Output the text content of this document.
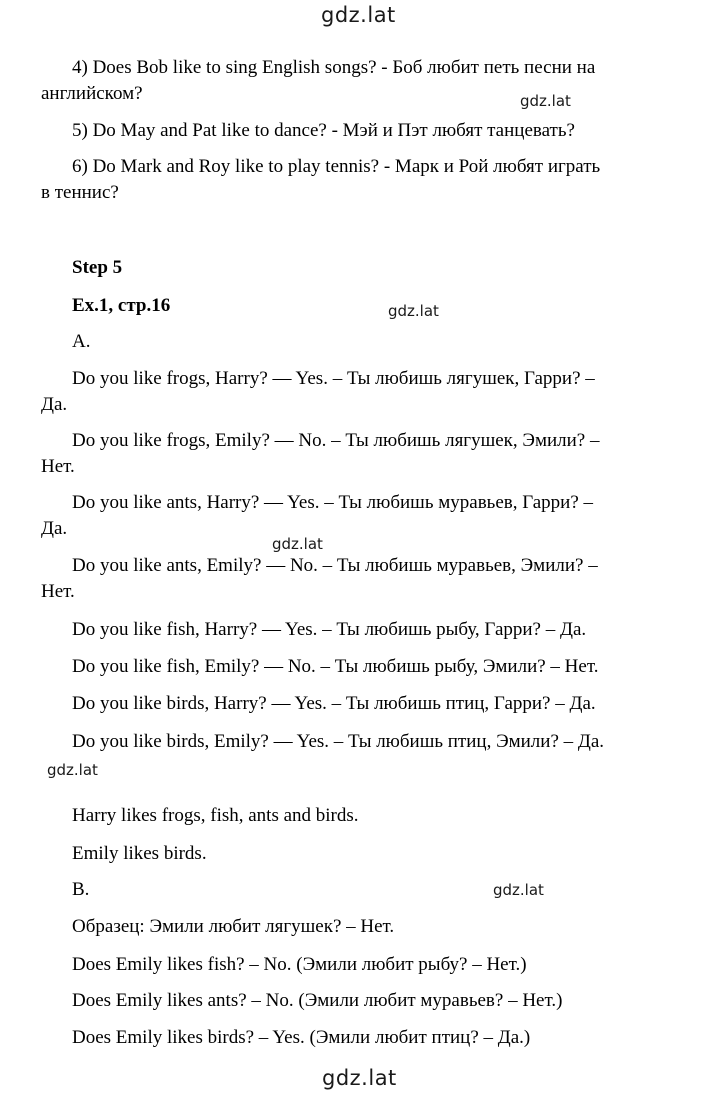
gdz.lat
gdz.lat
gdz.lat
gdz.lat
gdz.lat
gdz.lat
gdz.lat
4) Does Bob like to sing English songs? - Боб любит петь песни на
английском?
5) Do May and Pat like to dance? - Мэй и Пэт любят танцевать?
6) Do Mark and Roy like to play tennis? - Марк и Рой любят играть
в теннис?
Step 5
Ex.1, стр.16
A.
Do you like frogs, Harry? — Yes. – Ты любишь лягушек, Гарри? –
Да.
Do you like frogs, Emily? — No. – Ты любишь лягушек, Эмили? –
Нет.
Do you like ants, Harry? — Yes. – Ты любишь муравьев, Гарри? –
Да.
Do you like ants, Emily? — No. – Ты любишь муравьев, Эмили? –
Нет.
Do you like fish, Harry? — Yes. – Ты любишь рыбу, Гарри? – Да.
Do you like fish, Emily? — No. – Ты любишь рыбу, Эмили? – Нет.
Do you like birds, Harry? — Yes. – Ты любишь птиц, Гарри? – Да.
Do you like birds, Emily? — Yes. – Ты любишь птиц, Эмили? – Да.
Harry likes frogs, fish, ants and birds.
Emily likes birds.
B.
Образец: Эмили любит лягушек? – Нет.
Does Emily likes fish? – No. (Эмили любит рыбу? – Нет.)
Does Emily likes ants? – No. (Эмили любит муравьев? – Нет.)
Does Emily likes birds? – Yes. (Эмили любит птиц? – Да.)
